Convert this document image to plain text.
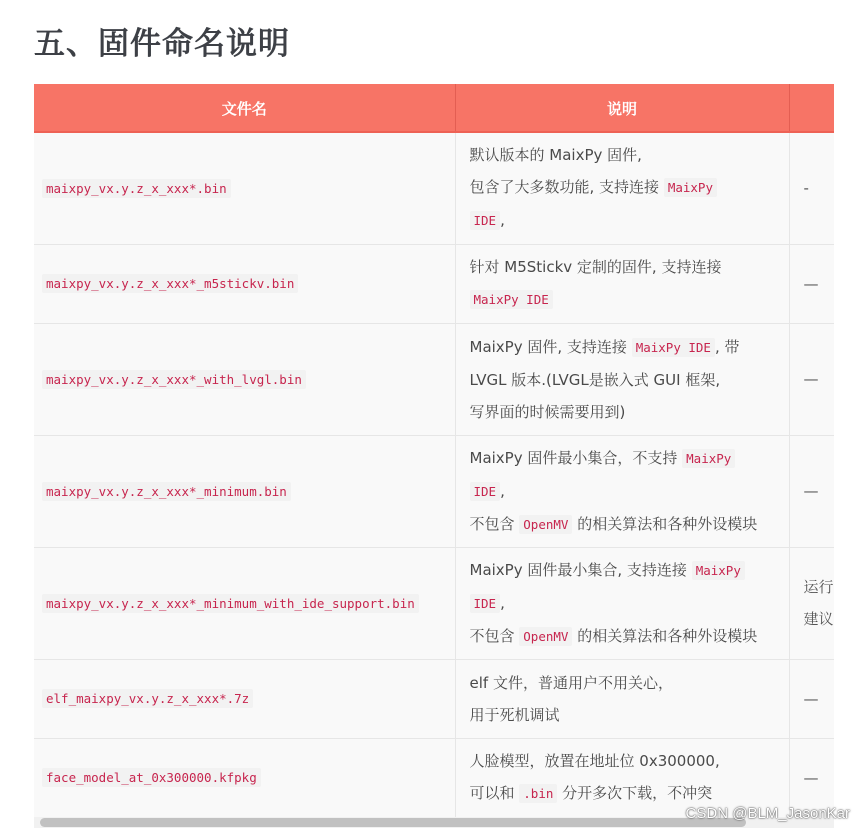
五、固件命名说明
文件名	说明	
maixpy_vx.y.z_x_xxx*.bin	默认版本的 MaixPy 固件,
包含了大多数功能, 支持连接 MaixPy
IDE ,	-
maixpy_vx.y.z_x_xxx*_m5stickv.bin	针对 M5Stickv 定制的固件, 支持连接
MaixPy IDE	—
maixpy_vx.y.z_x_xxx*_with_lvgl.bin	MaixPy 固件, 支持连接 MaixPy IDE , 带
LVGL 版本.(LVGL是嵌入式 GUI 框架,
写界面的时候需要用到)	—
maixpy_vx.y.z_x_xxx*_minimum.bin	MaixPy 固件最小集合，不支持 MaixPy
IDE ,
不包含 OpenMV 的相关算法和各种外设模块	—
maixpy_vx.y.z_x_xxx*_minimum_with_ide_support.bin	MaixPy 固件最小集合, 支持连接 MaixPy
IDE ,
不包含 OpenMV 的相关算法和各种外设模块	运行
建议
elf_maixpy_vx.y.z_x_xxx*.7z	elf 文件，普通用户不用关心，
用于死机调试	—
face_model_at_0x300000.kfpkg	人脸模型，放置在地址位 0x300000,
可以和 .bin 分开多次下载，不冲突	—
CSDN @BLM_JasonKar
